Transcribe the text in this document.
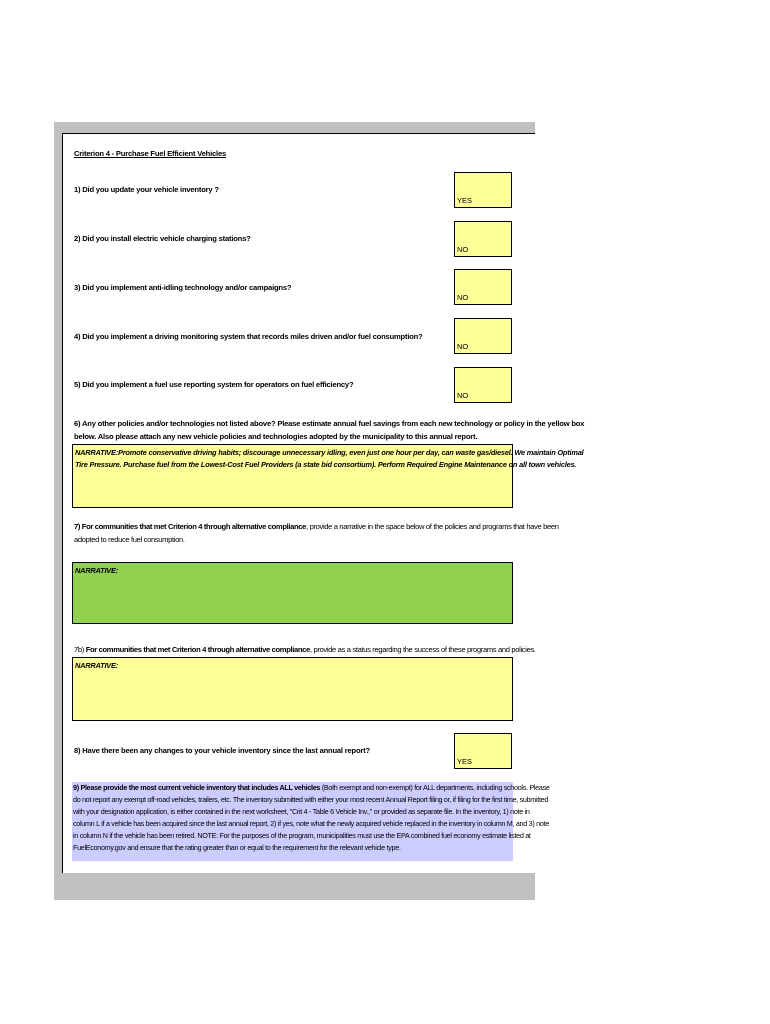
Criterion 4 - Purchase Fuel Efficient Vehicles
1) Did you update your vehicle inventory ?
YES
2) Did you install electric vehicle charging stations?
NO
3) Did you implement anti-idling technology and/or campaigns?
NO
4) Did you implement a driving monitoring system that records miles driven and/or fuel consumption?
NO
5) Did you implement a fuel use reporting system for operators on fuel efficiency?
NO
6) Any other policies and/or technologies not listed above? Please estimate annual fuel savings from each new technology or policy in the yellow box
below. Also please attach any new vehicle policies and technologies adopted by the municipality to this annual report.
NARRATIVE:Promote conservative driving habits; discourage unnecessary idling, even just one hour per day, can waste gas/diesel. We maintain Optimal
Tire Pressure. Purchase fuel from the Lowest-Cost Fuel Providers (a state bid consortium). Perform Required Engine Maintenance on all town vehicles.
7) For communities that met Criterion 4 through alternative compliance, provide a narrative in the space below of the policies and programs that have been
adopted to reduce fuel consumption.
NARRATIVE:
7b) For communities that met Criterion 4 through alternative compliance, provide as a status regarding the success of these programs and policies.
NARRATIVE:
8) Have there been any changes to your vehicle inventory since the last annual report?
YES
9) Please provide the most current vehicle inventory that includes ALL vehicles (Both exempt and non-exempt) for ALL departments, including schools. Please
do not report any exempt off-road vehicles, trailers, etc. The inventory submitted with either your most recent Annual Report filing or, if filing for the first time, submitted
with your designation application, is either contained in the next worksheet, "Crit 4 - Table 6 Vehicle Inv.," or provided as separate file. In the inventory, 1) note in
column L if a vehicle has been acquired since the last annual report, 2) if yes, note what the newly acquired vehicle replaced in the inventory in column M, and 3) note
in column N if the vehicle has been retired. NOTE: For the purposes of the program, municipalities must use the EPA combined fuel economy estimate listed at
FuelEconomy.gov and ensure that the rating greater than or equal to the requirement for the relevant vehicle type.
